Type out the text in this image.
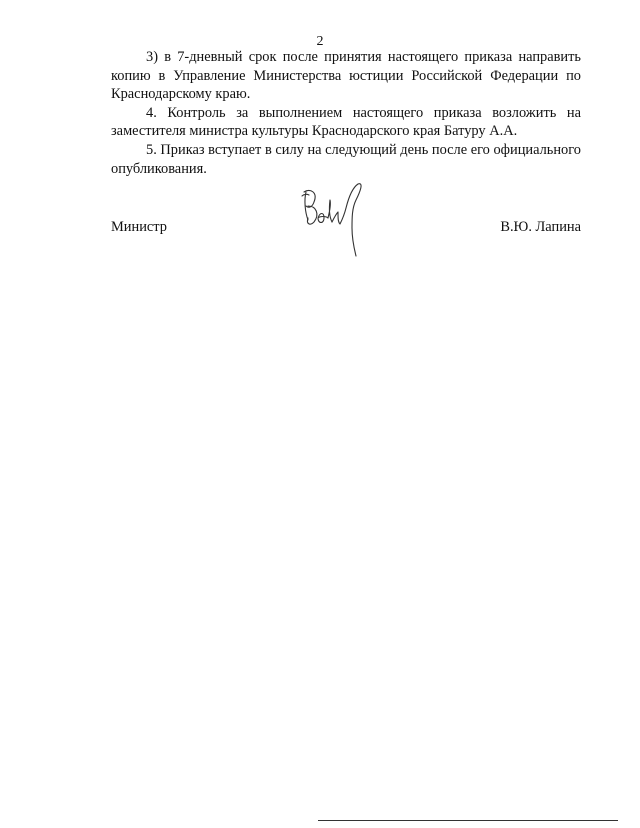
2

3) в 7-дневный срок после принятия настоящего приказа направить копию в Управление Министерства юстиции Российской Федерации по Краснодарскому краю.

4. Контроль за выполнением настоящего приказа возложить на заместителя министра культуры Краснодарского края Батуру А.А.

5. Приказ вступает в силу на следующий день после его официального опубликования.

Министр	В.Ю. Лапина
